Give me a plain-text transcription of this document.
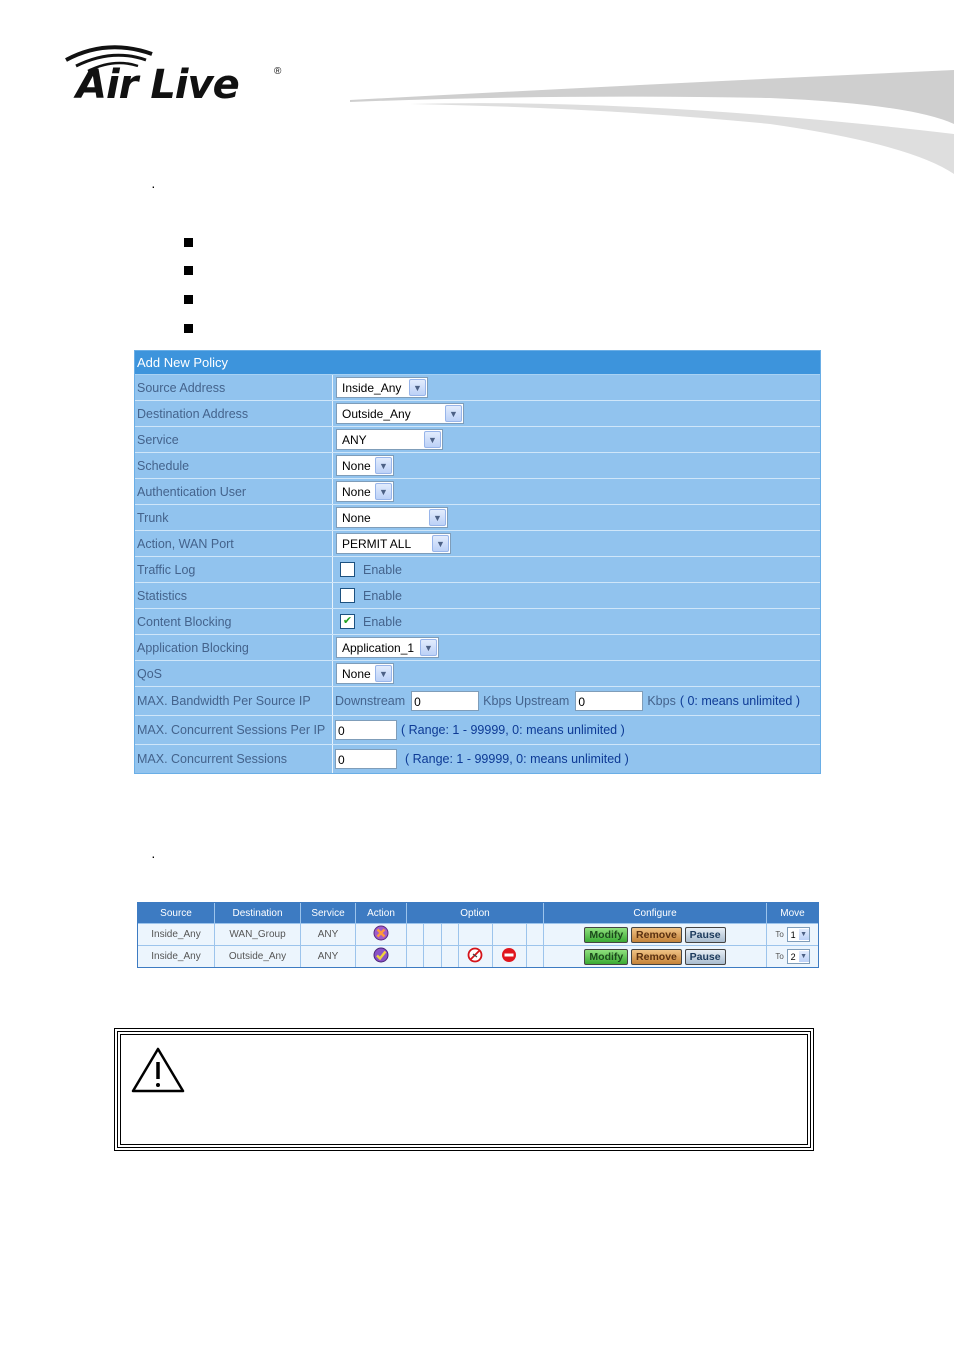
Air Live	®
·
Add New Policy
Source Address	Inside_Any	▼
Destination Address	Outside_Any	▼
Service	ANY	▼
Schedule	None ▼
Authentication User	None ▼
Trunk	None	▼
Action, WAN Port	PERMIT ALL	▼
Traffic Log	Enable
Statistics	Enable
Content Blocking	✔ Enable
Application Blocking	Application_1	▼
QoS	None ▼
MAX. Bandwidth Per Source IP	Downstream 0	Kbps Upstream 0	Kbps ( 0: means unlimited )
MAX. Concurrent Sessions Per IP	0	( Range: 1 - 99999, 0: means unlimited )
MAX. Concurrent Sessions	0	( Range: 1 - 99999, 0: means unlimited )
·
Source	Destination	Service	Action	Option						Configure	Move
Inside_Any	WAN_Group	ANY								Modify Remove Pause	To 1 ▼

Inside_Any	Outside_Any	ANY								Modify Remove Pause	To 2 ▼
